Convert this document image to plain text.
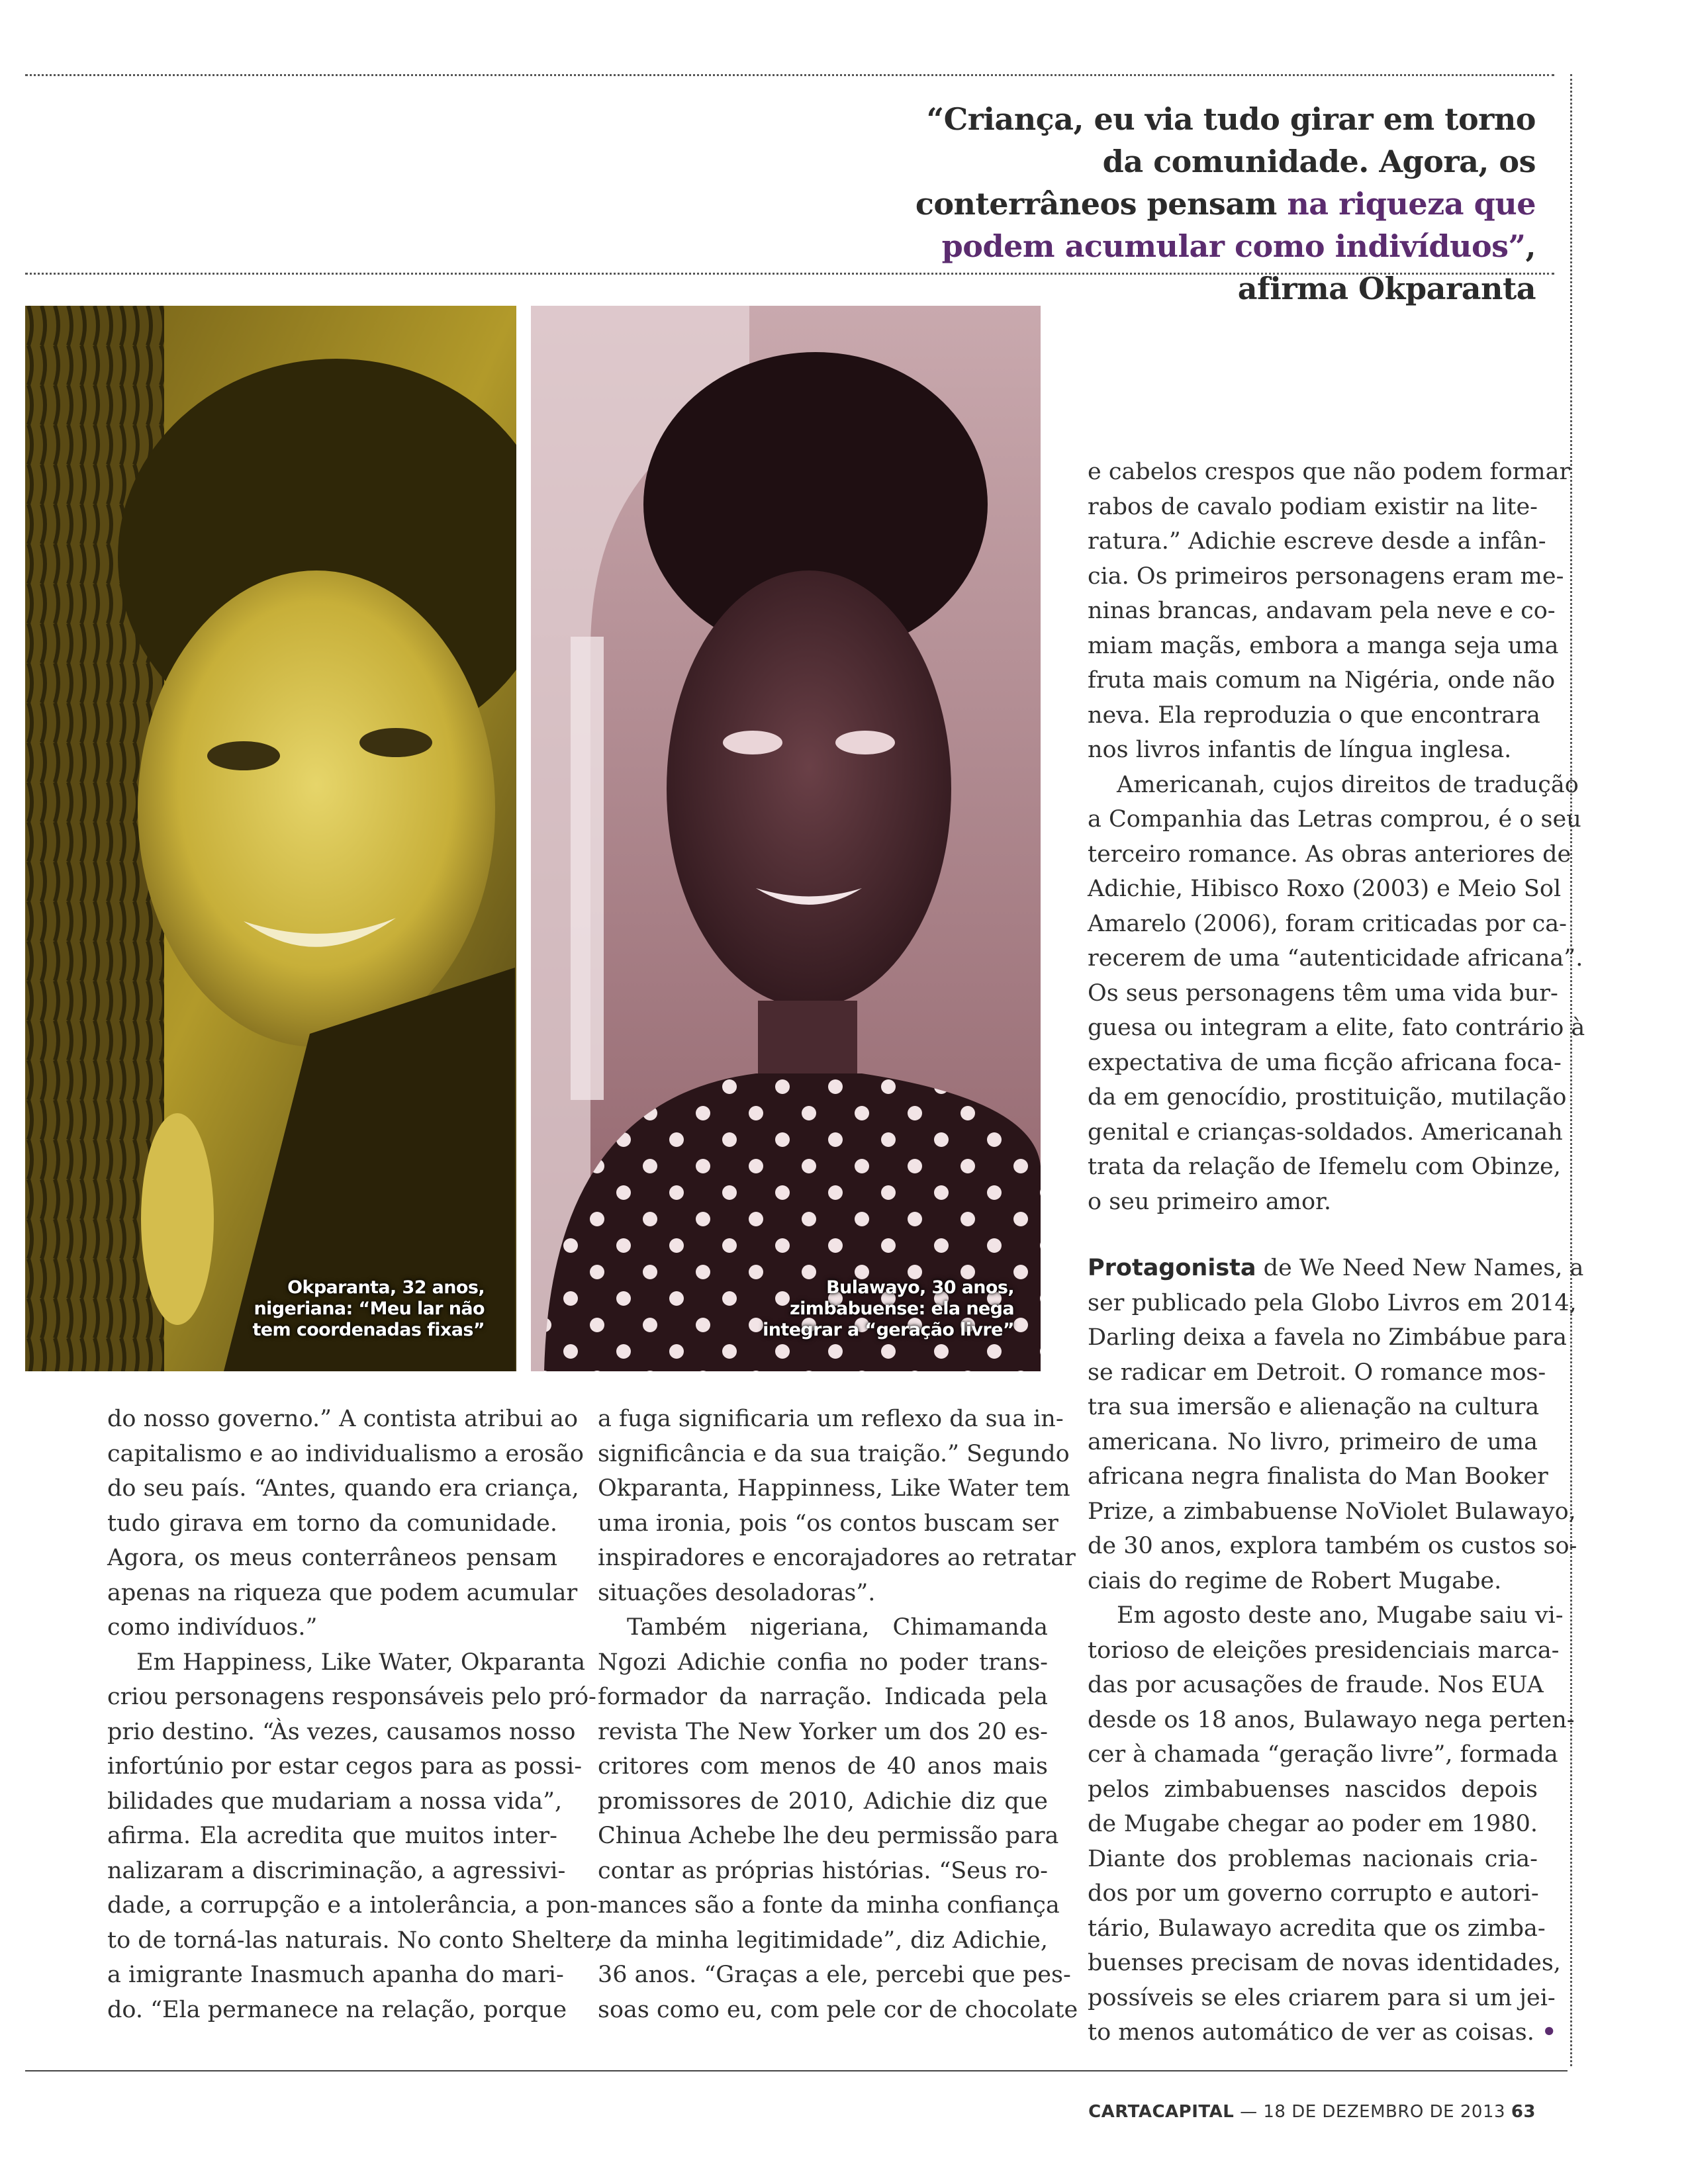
“Criança, eu via tudo girar em torno da comunidade. Agora, os conterrâneos pensam na riqueza que podem acumular como indivíduos”, afirma Okparanta
Okparanta, 32 anos,
nigeriana: “Meu lar não
tem coordenadas fixas”
Bulawayo, 30 anos,
zimbabuense: ela nega
integrar a “geração livre”
do nosso governo.” A contista atribui ao
capitalismo e ao individualismo a erosão
do seu país. “Antes, quando era criança,
tudo girava em torno da comunidade.
Agora, os meus conterrâneos pensam
apenas na riqueza que podem acumular
como indivíduos.”
Em Happiness, Like Water, Okparanta
criou personagens responsáveis pelo pró-
prio destino. “Às vezes, causamos nosso
infortúnio por estar cegos para as possi-
bilidades que mudariam a nossa vida”,
afirma. Ela acredita que muitos inter-
nalizaram a discriminação, a agressivi-
dade, a corrupção e a intolerância, a pon-
to de torná-las naturais. No conto Shelter,
a imigrante Inasmuch apanha do mari-
do. “Ela permanece na relação, porque
a fuga significaria um reflexo da sua in-
significância e da sua traição.” Segundo
Okparanta, Happinness, Like Water tem
uma ironia, pois “os contos buscam ser
inspiradores e encorajadores ao retratar
situações desoladoras”.
Também nigeriana, Chimamanda
Ngozi Adichie confia no poder trans-
formador da narração. Indicada pela
revista The New Yorker um dos 20 es-
critores com menos de 40 anos mais
promissores de 2010, Adichie diz que
Chinua Achebe lhe deu permissão para
contar as próprias histórias. “Seus ro-
mances são a fonte da minha confiança
e da minha legitimidade”, diz Adichie,
36 anos. “Graças a ele, percebi que pes-
soas como eu, com pele cor de chocolate
e cabelos crespos que não podem formar
rabos de cavalo podiam existir na lite-
ratura.” Adichie escreve desde a infân-
cia. Os primeiros personagens eram me-
ninas brancas, andavam pela neve e co-
miam maçãs, embora a manga seja uma
fruta mais comum na Nigéria, onde não
neva. Ela reproduzia o que encontrara
nos livros infantis de língua inglesa.
Americanah, cujos direitos de tradução
a Companhia das Letras comprou, é o seu
terceiro romance. As obras anteriores de
Adichie, Hibisco Roxo (2003) e Meio Sol
Amarelo (2006), foram criticadas por ca-
recerem de uma “autenticidade africana”.
Os seus personagens têm uma vida bur-
guesa ou integram a elite, fato contrário à
expectativa de uma ficção africana foca-
da em genocídio, prostituição, mutilação
genital e crianças-soldados. Americanah
trata da relação de Ifemelu com Obinze,
o seu primeiro amor.
Protagonista de We Need New Names, a
ser publicado pela Globo Livros em 2014,
Darling deixa a favela no Zimbábue para
se radicar em Detroit. O romance mos-
tra sua imersão e alienação na cultura
americana. No livro, primeiro de uma
africana negra finalista do Man Booker
Prize, a zimbabuense NoViolet Bulawayo,
de 30 anos, explora também os custos so-
ciais do regime de Robert Mugabe.
Em agosto deste ano, Mugabe saiu vi-
torioso de eleições presidenciais marca-
das por acusações de fraude. Nos EUA
desde os 18 anos, Bulawayo nega perten-
cer à chamada “geração livre”, formada
pelos zimbabuenses nascidos depois
de Mugabe chegar ao poder em 1980.
Diante dos problemas nacionais cria-
dos por um governo corrupto e autori-
tário, Bulawayo acredita que os zimba-
buenses precisam de novas identidades,
possíveis se eles criarem para si um jei-
to menos automático de ver as coisas. •
CARTACAPITAL — 18 DE DEZEMBRO DE 2013 63
